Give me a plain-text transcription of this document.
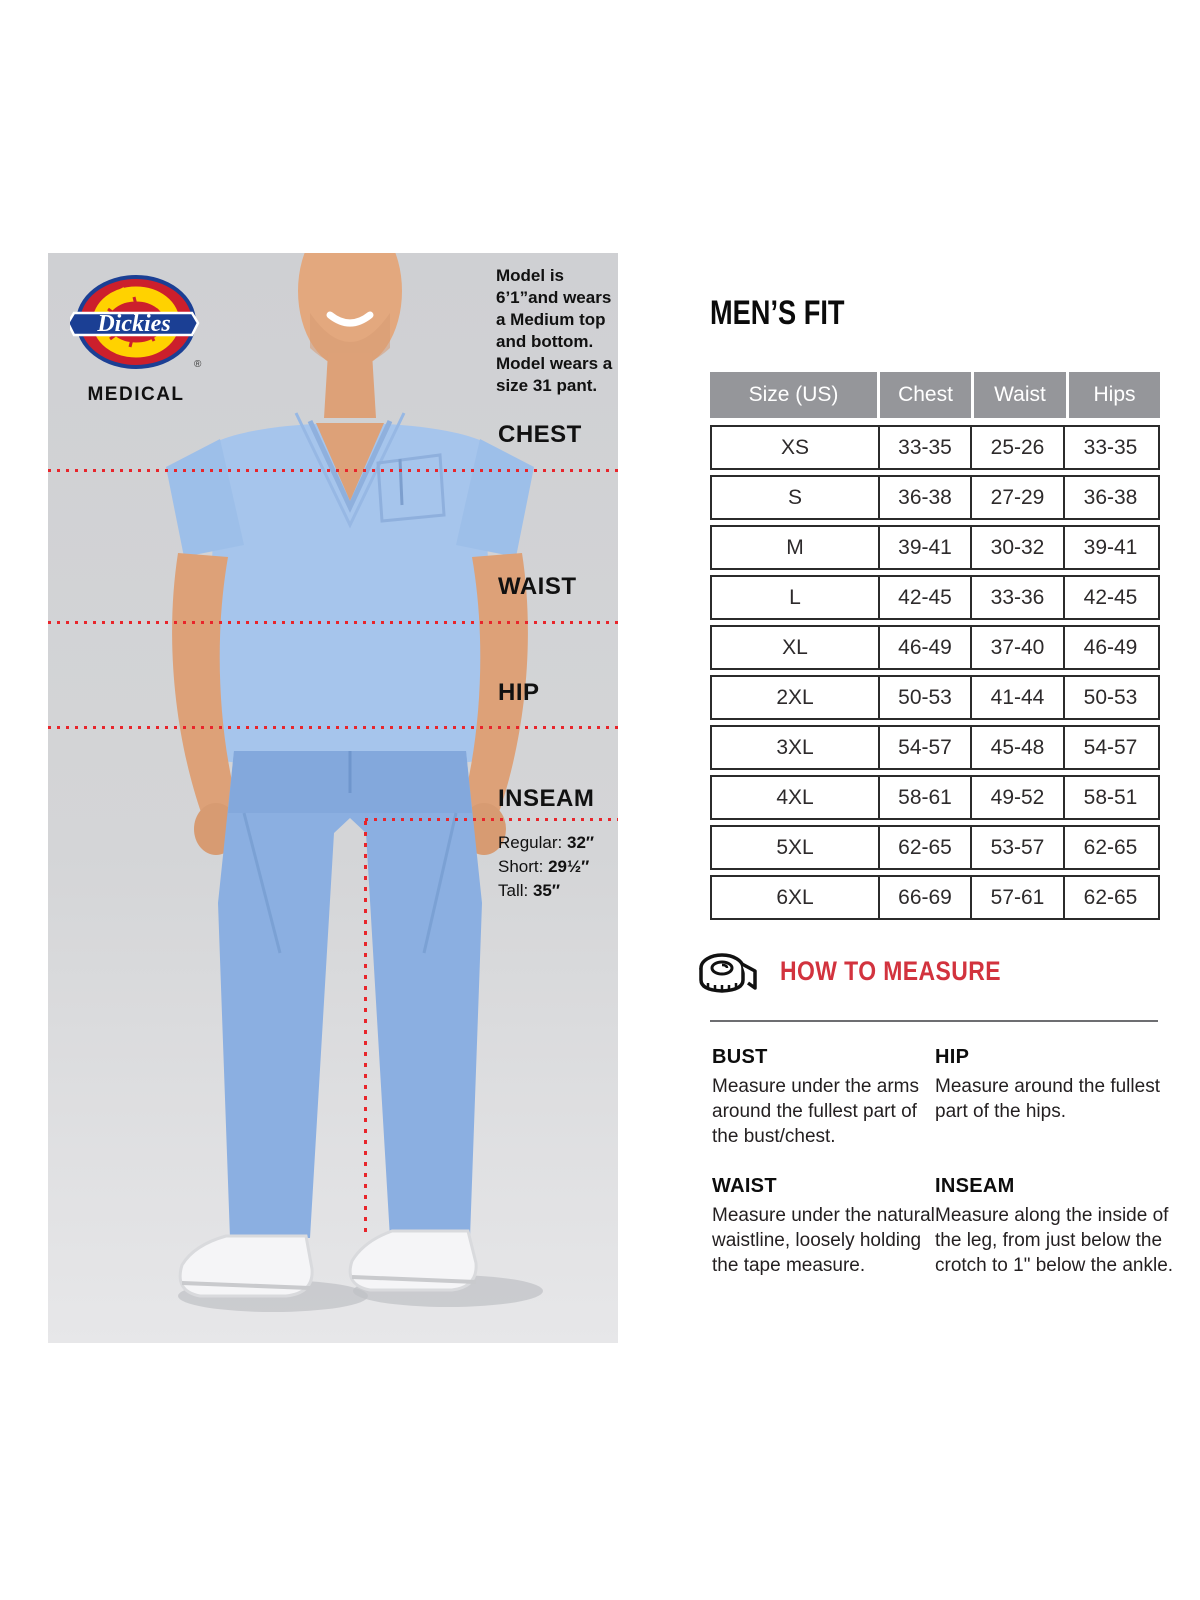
Dickies
®
MEDICAL
Model is 6’1”and wears a Medium top and bottom. Model wears a size 31 pant.
CHEST
WAIST
HIP
INSEAM
Regular: 32″
Short: 29½″
Tall: 35″
MEN’S FIT
Size (US)	Chest	Waist	Hips
XS	33-35	25-26	33-35
S	36-38	27-29	36-38
M	39-41	30-32	39-41
L	42-45	33-36	42-45
XL	46-49	37-40	46-49
2XL	50-53	41-44	50-53
3XL	54-57	45-48	54-57
4XL	58-61	49-52	58-51
5XL	62-65	53-57	62-65
6XL	66-69	57-61	62-65
HOW TO MEASURE
BUST
Measure under the arms around the fullest part of the bust/chest.
HIP
Measure around the fullest part of the hips.
WAIST
Measure under the natural waistline, loosely holding the tape measure.
INSEAM
Measure along the inside of the leg, from just below the crotch to 1" below the ankle.
